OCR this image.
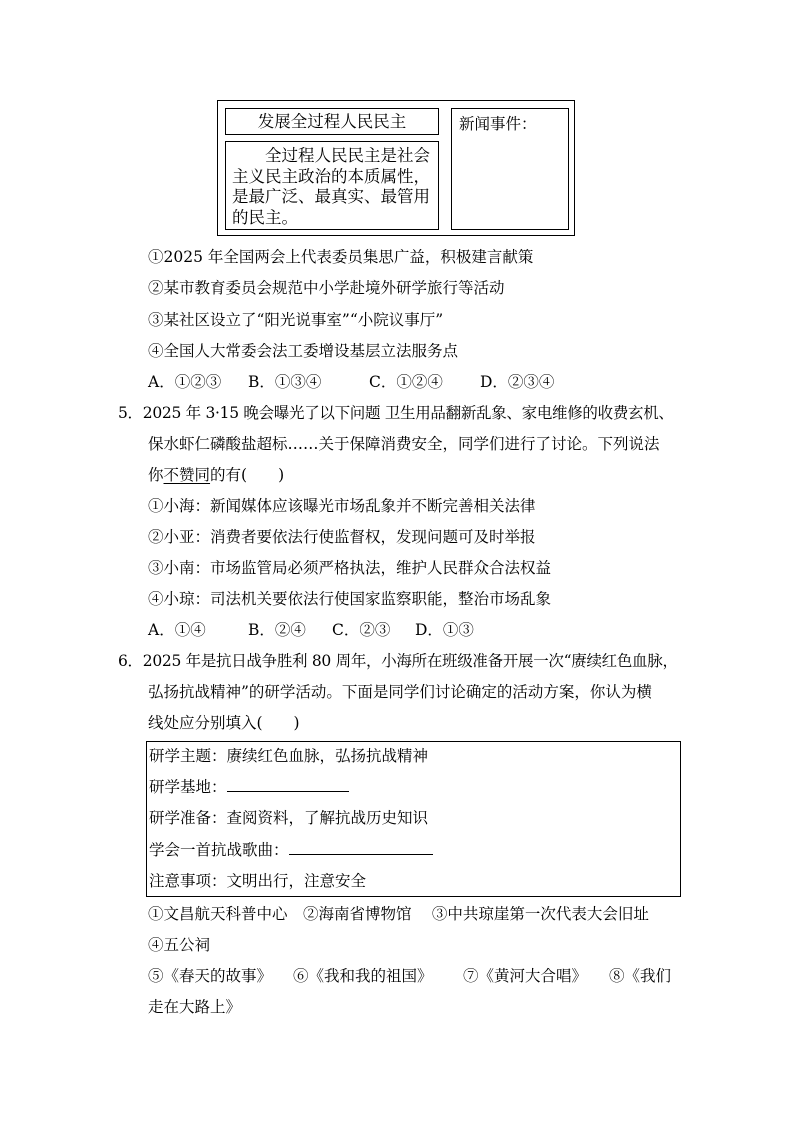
发展全过程人民民主
全过程人民民主是社会
主义民主政治的本质属性，
是最广泛、最真实、最管用
的民主。
新闻事件：
①2025 年全国两会上代表委员集思广益，积极建言献策
②某市教育委员会规范中小学赴境外研学旅行等活动
③某社区设立了“阳光说事室”“小院议事厅”
④全国人大常委会法工委增设基层立法服务点
A．①②③ B．①③④	C．①②④ D．②③④
5．2025 年 3·15 晚会曝光了以下问题 卫生用品翻新乱象、家电维修的收费玄机、
保水虾仁磷酸盐超标……关于保障消费安全，同学们进行了讨论。下列说法
你不赞同的有(　　)
①小海：新闻媒体应该曝光市场乱象并不断完善相关法律
②小亚：消费者要依法行使监督权，发现问题可及时举报
③小南：市场监管局必须严格执法，维护人民群众合法权益
④小琼：司法机关要依法行使国家监察职能，整治市场乱象
A．①④	B．②④ C．②③ D．①③
6．2025 年是抗日战争胜利 80 周年，小海所在班级准备开展一次“赓续红色血脉，
弘扬抗战精神”的研学活动。下面是同学们讨论确定的活动方案，你认为横
线处应分别填入(　　)
研学主题：赓续红色血脉，弘扬抗战精神
研学基地：
研学准备：查阅资料，了解抗战历史知识
学会一首抗战歌曲：
注意事项：文明出行，注意安全
①文昌航天科普中心　②海南省博物馆　 ③中共琼崖第一次代表大会旧址
④五公祠
⑤《春天的故事》 ⑥《我和我的祖国》 ⑦《黄河大合唱》 ⑧《我们
走在大路上》
